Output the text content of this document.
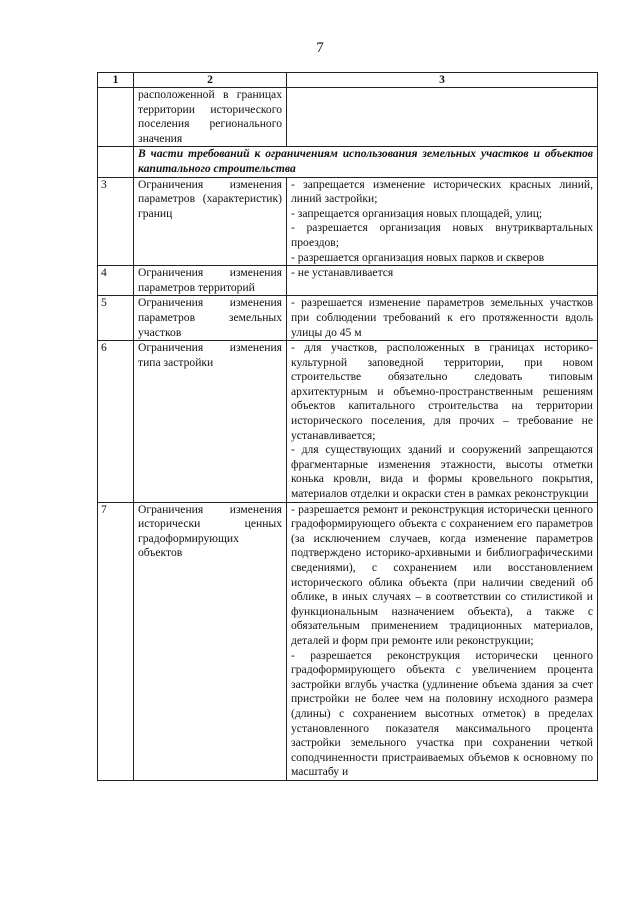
7
1	2	3
	расположенной в границах территории исторического поселения регионального значения	
	В части требований к ограничениям использования земельных участков и объектов капитального строительства	
3	Ограничения изменения параметров (характеристик) границ	- запрещается изменение исторических красных линий, линий застройки;
- запрещается организация новых площадей, улиц;
- разрешается организация новых внутриквартальных проездов;
- разрешается организация новых парков и скверов
4	Ограничения изменения параметров территорий	- не устанавливается
5	Ограничения изменения параметров земельных участков	- разрешается изменение параметров земельных участков при соблюдении требований к его протяженности вдоль улицы до 45 м
6	Ограничения изменения типа застройки	- для участков, расположенных в границах историко-культурной заповедной территории, при новом строительстве обязательно следовать типовым архитектурным и объемно-пространственным решениям объектов капитального строительства на территории исторического поселения, для прочих – требование не устанавливается;
- для существующих зданий и сооружений запрещаются фрагментарные изменения этажности, высоты отметки конька кровли, вида и формы кровельного покрытия, материалов отделки и окраски стен в рамках реконструкции
7	Ограничения изменения исторически ценных градоформирующих объектов	- разрешается ремонт и реконструкция исторически ценного градоформирующего объекта с сохранением его параметров (за исключением случаев, когда изменение параметров подтверждено историко-архивными и библиографическими сведениями), с сохранением или восстановлением исторического облика объекта (при наличии сведений об облике, в иных случаях – в соответствии со стилистикой и функциональным назначением объекта), а также с обязательным применением традиционных материалов, деталей и форм при ремонте или реконструкции;
- разрешается реконструкция исторически ценного градоформирующего объекта с увеличением процента застройки вглубь участка (удлинение объема здания за счет пристройки не более чем на половину исходного размера (длины) с сохранением высотных отметок) в пределах установленного показателя максимального процента застройки земельного участка при сохранении четкой соподчиненности пристраиваемых объемов к основному по масштабу и
